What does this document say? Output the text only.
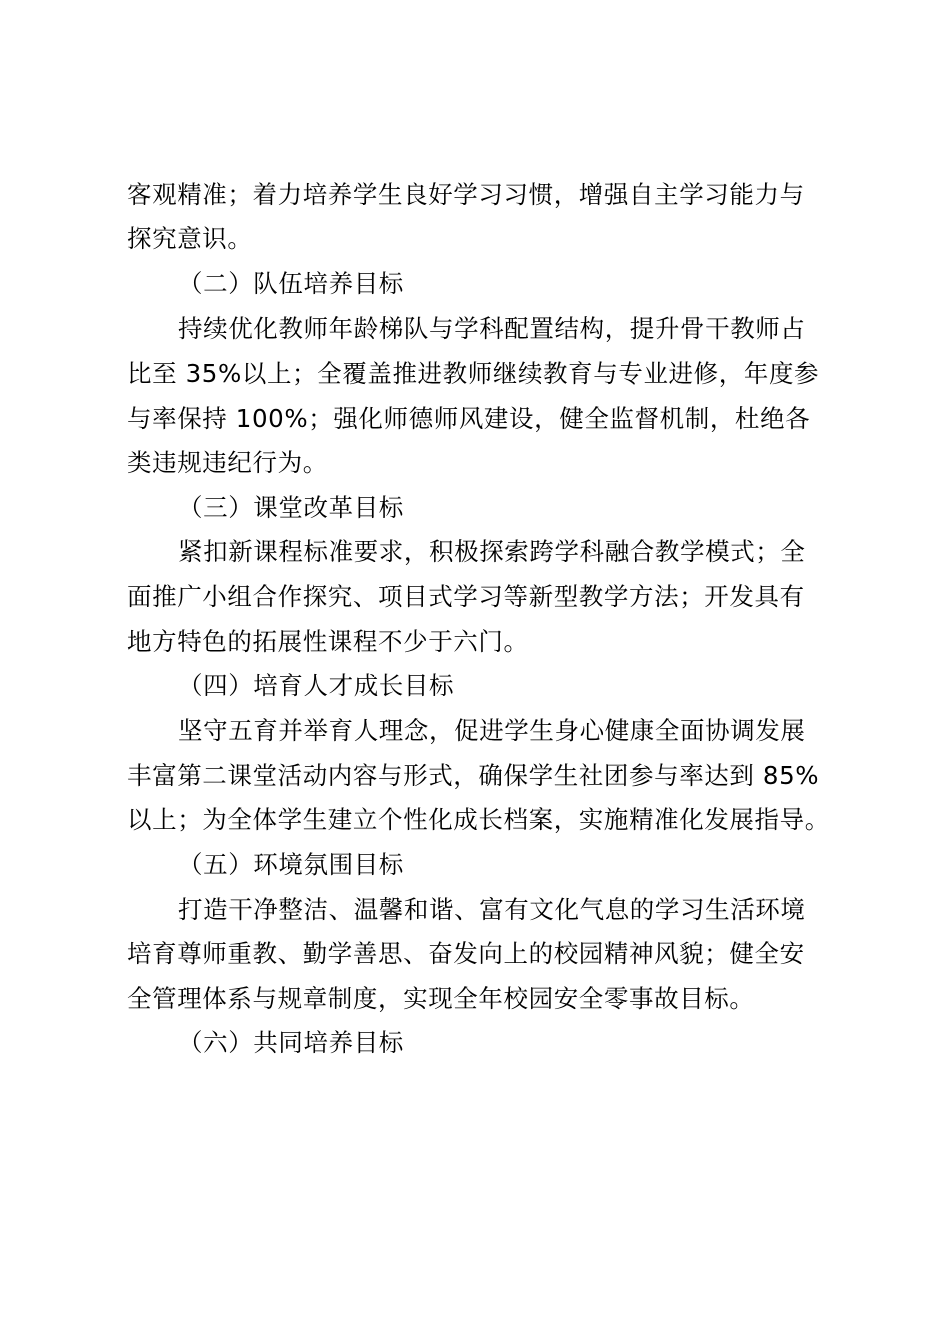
客观精准；着力培养学生良好学习习惯，增强自主学习能力与
探究意识。
（二）队伍培养目标
持续优化教师年龄梯队与学科配置结构，提升骨干教师占
比至 35%以上；全覆盖推进教师继续教育与专业进修，年度参
与率保持 100%；强化师德师风建设，健全监督机制，杜绝各
类违规违纪行为。
（三）课堂改革目标
紧扣新课程标准要求，积极探索跨学科融合教学模式；全
面推广小组合作探究、项目式学习等新型教学方法；开发具有
地方特色的拓展性课程不少于六门。
（四）培育人才成长目标
坚守五育并举育人理念，促进学生身心健康全面协调发展
丰富第二课堂活动内容与形式，确保学生社团参与率达到 85%
以上；为全体学生建立个性化成长档案，实施精准化发展指导。
（五）环境氛围目标
打造干净整洁、温馨和谐、富有文化气息的学习生活环境
培育尊师重教、勤学善思、奋发向上的校园精神风貌；健全安
全管理体系与规章制度，实现全年校园安全零事故目标。
（六）共同培养目标
